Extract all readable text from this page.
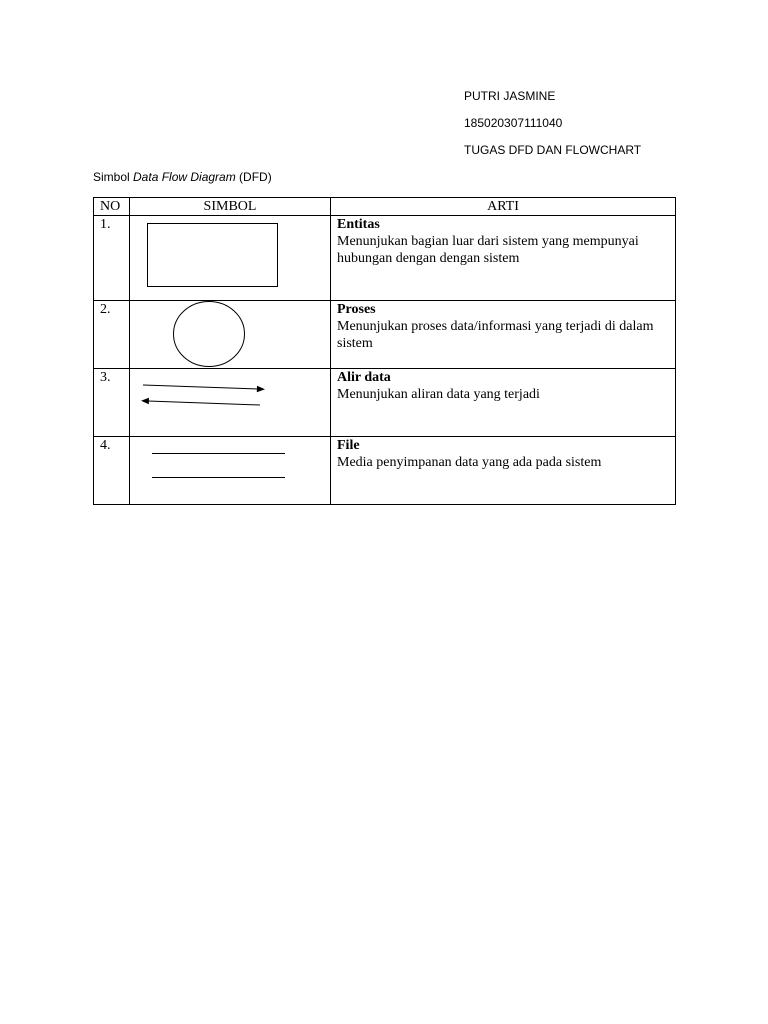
PUTRI JASMINE
185020307111040
TUGAS DFD DAN FLOWCHART
Simbol Data Flow Diagram (DFD)
NO	SIMBOL	ARTI
1.		Entitas
Menunjukan bagian luar dari sistem yang mempunyai hubungan dengan dengan sistem
2.		Proses
Menunjukan proses data/informasi yang terjadi di dalam sistem
3.		Alir data
Menunjukan aliran data yang terjadi
4.		File
Media penyimpanan data yang ada pada sistem
